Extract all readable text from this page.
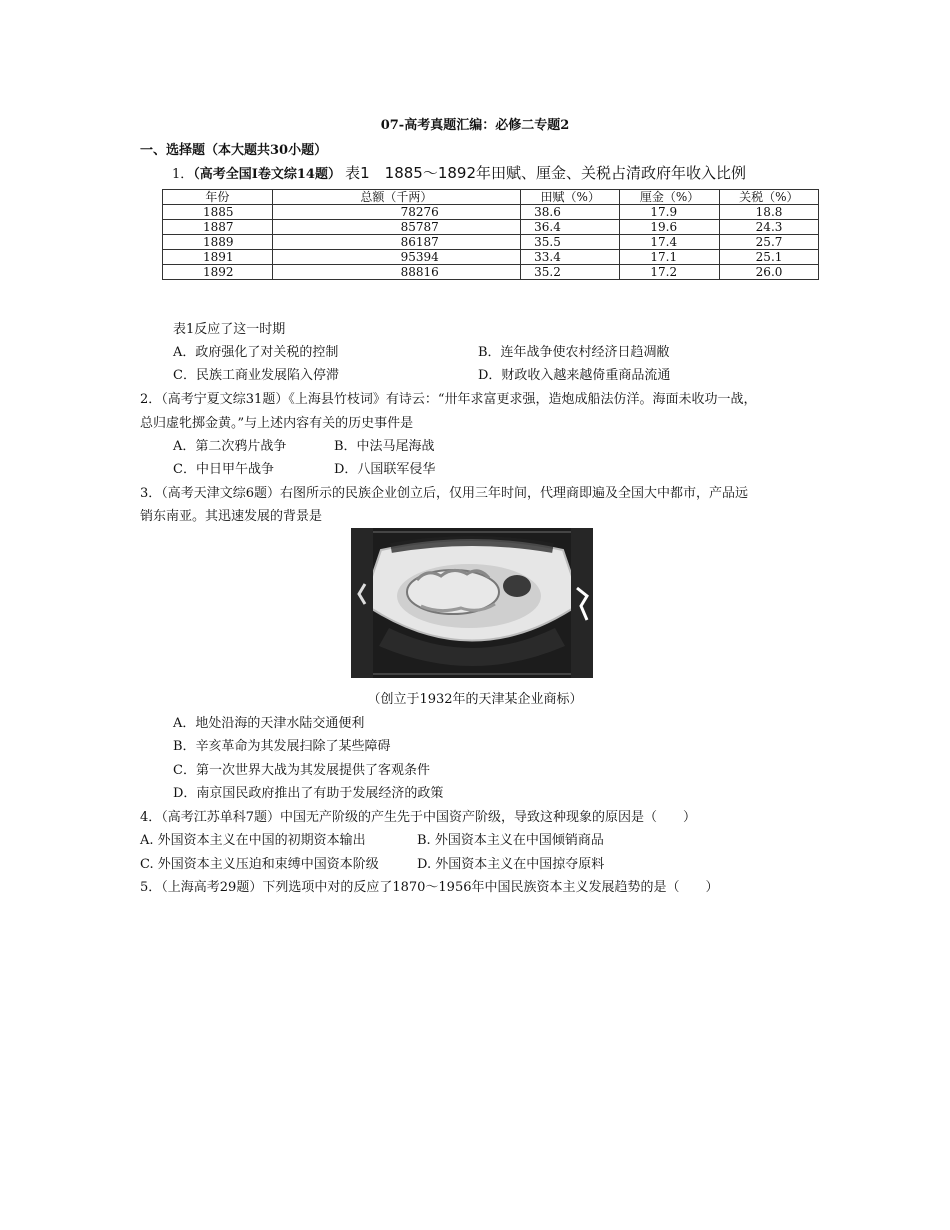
07-高考真题汇编：必修二专题2
一、选择题（本大题共30小题）
1．（高考全国Ⅰ卷文综14题） 表1　1885～1892年田赋、厘金、关税占清政府年收入比例
年份	总额（千两）	田赋（%）	厘金（%）	关税（%）
1885	78276	38.6	17.9	18.8
1887	85787	36.4	19.6	24.3
1889	86187	35.5	17.4	25.7
1891	95394	33.4	17.1	25.1
1892	88816	35.2	17.2	26.0
表1反应了这一时期
A．政府强化了对关税的控制	B．连年战争使农村经济日趋凋敝
C．民族工商业发展陷入停滞	D．财政收入越来越倚重商品流通
2．（高考宁夏文综31题）《上海县竹枝词》有诗云：“卅年求富更求强，造炮成船法仿洋。海面未收功一战，
总归虚牝掷金黄。”与上述内容有关的历史事件是
A．第二次鸦片战争	B．中法马尾海战
C．中日甲午战争	D．八国联军侵华
3．（高考天津文综6题）右图所示的民族企业创立后，仅用三年时间，代理商即遍及全国大中都市，产品远
销东南亚。其迅速发展的背景是
（创立于1932年的天津某企业商标）
A．地处沿海的天津水陆交通便利
B．辛亥革命为其发展扫除了某些障碍
C．第一次世界大战为其发展提供了客观条件
D．南京国民政府推出了有助于发展经济的政策
4．（高考江苏单科7题）中国无产阶级的产生先于中国资产阶级，导致这种现象的原因是（　　）
A. 外国资本主义在中国的初期资本输出	B. 外国资本主义在中国倾销商品
C. 外国资本主义压迫和束缚中国资本阶级	D. 外国资本主义在中国掠夺原料
5．（上海高考29题）下列选项中对的反应了1870～1956年中国民族资本主义发展趋势的是（　　）
